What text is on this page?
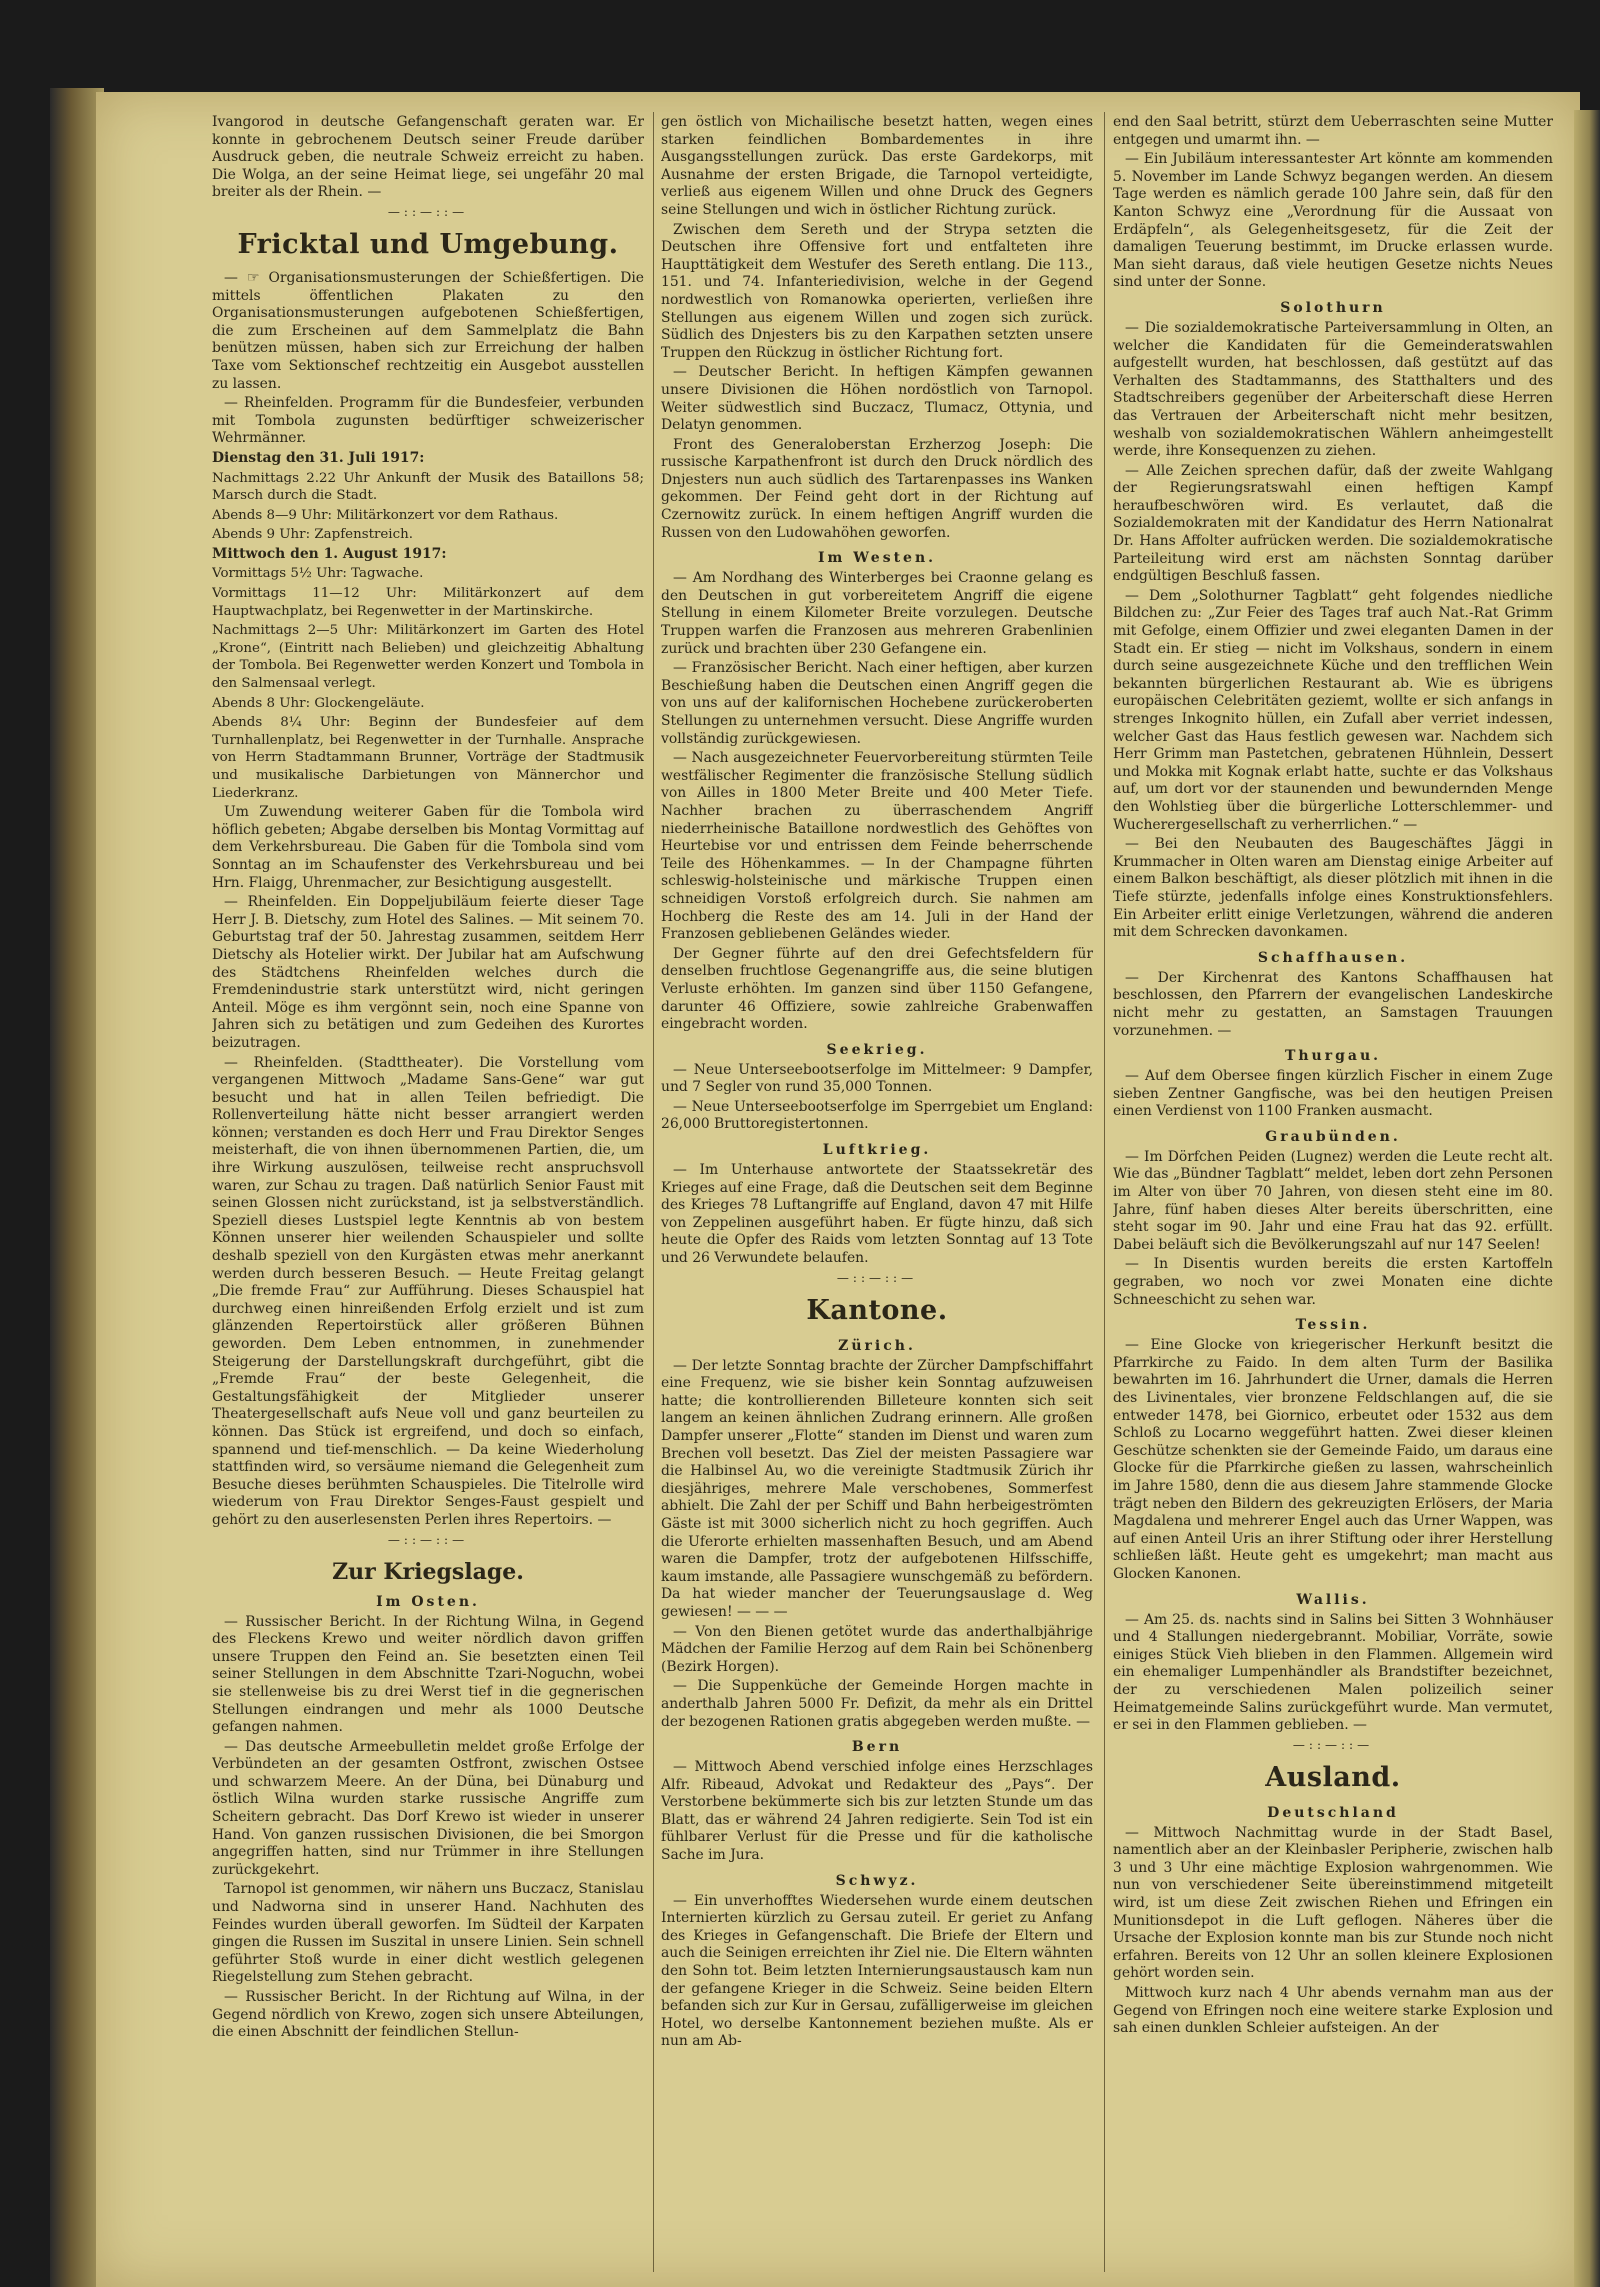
Ivangorod in deutsche Gefangenschaft geraten war. Er konnte in gebrochenem Deutsch seiner Freude darüber Ausdruck geben, die neutrale Schweiz erreicht zu haben. Die Wolga, an der seine Heimat liege, sei ungefähr 20 mal breiter als der Rhein. —

—::—::—
Fricktal und Umgebung.

— ☞ Organisationsmusterungen der Schießfertigen. Die mittels öffentlichen Plakaten zu den Organisationsmusterungen aufgebotenen Schießfertigen, die zum Erscheinen auf dem Sammelplatz die Bahn benützen müssen, haben sich zur Erreichung der halben Taxe vom Sektionschef rechtzeitig ein Ausgebot ausstellen zu lassen.

— Rheinfelden. Programm für die Bundesfeier, verbunden mit Tombola zugunsten bedürftiger schweizerischer Wehrmänner.

Dienstag den 31. Juli 1917:

Nachmittags 2.22 Uhr Ankunft der Musik des Bataillons 58; Marsch durch die Stadt.

Abends 8—9 Uhr: Militärkonzert vor dem Rathaus.

Abends 9 Uhr: Zapfenstreich.

Mittwoch den 1. August 1917:

Vormittags 5½ Uhr: Tagwache.

Vormittags 11—12 Uhr: Militärkonzert auf dem Hauptwachplatz, bei Regenwetter in der Martinskirche.

Nachmittags 2—5 Uhr: Militärkonzert im Garten des Hotel „Krone“, (Eintritt nach Belieben) und gleichzeitig Abhaltung der Tombola. Bei Regenwetter werden Konzert und Tombola in den Salmensaal verlegt.

Abends 8 Uhr: Glockengeläute.

Abends 8¼ Uhr: Beginn der Bundesfeier auf dem Turnhallenplatz, bei Regenwetter in der Turnhalle. Ansprache von Herrn Stadtammann Brunner, Vorträge der Stadtmusik und musikalische Darbietungen von Männerchor und Liederkranz.

Um Zuwendung weiterer Gaben für die Tombola wird höflich gebeten; Abgabe derselben bis Montag Vormittag auf dem Verkehrsbureau. Die Gaben für die Tombola sind vom Sonntag an im Schaufenster des Verkehrsbureau und bei Hrn. Flaigg, Uhrenmacher, zur Besichtigung ausgestellt.

— Rheinfelden. Ein Doppeljubiläum feierte dieser Tage Herr J. B. Dietschy, zum Hotel des Salines. — Mit seinem 70. Geburtstag traf der 50. Jahrestag zusammen, seitdem Herr Dietschy als Hotelier wirkt. Der Jubilar hat am Aufschwung des Städtchens Rheinfelden welches durch die Fremdenindustrie stark unterstützt wird, nicht geringen Anteil. Möge es ihm vergönnt sein, noch eine Spanne von Jahren sich zu betätigen und zum Gedeihen des Kurortes beizutragen.

— Rheinfelden. (Stadttheater). Die Vorstellung vom vergangenen Mittwoch „Madame Sans-Gene“ war gut besucht und hat in allen Teilen befriedigt. Die Rollenverteilung hätte nicht besser arrangiert werden können; verstanden es doch Herr und Frau Direktor Senges meisterhaft, die von ihnen übernommenen Partien, die, um ihre Wirkung auszulösen, teilweise recht anspruchsvoll waren, zur Schau zu tragen. Daß natürlich Senior Faust mit seinen Glossen nicht zurückstand, ist ja selbstverständlich. Speziell dieses Lustspiel legte Kenntnis ab von bestem Können unserer hier weilenden Schauspieler und sollte deshalb speziell von den Kurgästen etwas mehr anerkannt werden durch besseren Besuch. — Heute Freitag gelangt „Die fremde Frau“ zur Aufführung. Dieses Schauspiel hat durchweg einen hinreißenden Erfolg erzielt und ist zum glänzenden Repertoirstück aller größeren Bühnen geworden. Dem Leben entnommen, in zunehmender Steigerung der Darstellungskraft durchgeführt, gibt die „Fremde Frau“ der beste Gelegenheit, die Gestaltungsfähigkeit der Mitglieder unserer Theatergesellschaft aufs Neue voll und ganz beurteilen zu können. Das Stück ist ergreifend, und doch so einfach, spannend und tief-menschlich. — Da keine Wiederholung stattfinden wird, so versäume niemand die Gelegenheit zum Besuche dieses berühmten Schauspieles. Die Titelrolle wird wiederum von Frau Direktor Senges-Faust gespielt und gehört zu den auserlesensten Perlen ihres Repertoirs. —

—::—::—
Zur Kriegslage.
Im Osten.

— Russischer Bericht. In der Richtung Wilna, in Gegend des Fleckens Krewo und weiter nördlich davon griffen unsere Truppen den Feind an. Sie besetzten einen Teil seiner Stellungen in dem Abschnitte Tzari-Noguchn, wobei sie stellenweise bis zu drei Werst tief in die gegnerischen Stellungen eindrangen und mehr als 1000 Deutsche gefangen nahmen.

— Das deutsche Armeebulletin meldet große Erfolge der Verbündeten an der gesamten Ostfront, zwischen Ostsee und schwarzem Meere. An der Düna, bei Dünaburg und östlich Wilna wurden starke russische Angriffe zum Scheitern gebracht. Das Dorf Krewo ist wieder in unserer Hand. Von ganzen russischen Divisionen, die bei Smorgon angegriffen hatten, sind nur Trümmer in ihre Stellungen zurückgekehrt.

Tarnopol ist genommen, wir nähern uns Buczacz, Stanislau und Nadworna sind in unserer Hand. Nachhuten des Feindes wurden überall geworfen. Im Südteil der Karpaten gingen die Russen im Suszital in unsere Linien. Sein schnell geführter Stoß wurde in einer dicht westlich gelegenen Riegelstellung zum Stehen gebracht.

— Russischer Bericht. In der Richtung auf Wilna, in der Gegend nördlich von Krewo, zogen sich unsere Abteilungen, die einen Abschnitt der feindlichen Stellun-

gen östlich von Michailische besetzt hatten, wegen eines starken feindlichen Bombardementes in ihre Ausgangsstellungen zurück. Das erste Gardekorps, mit Ausnahme der ersten Brigade, die Tarnopol verteidigte, verließ aus eigenem Willen und ohne Druck des Gegners seine Stellungen und wich in östlicher Richtung zurück.

Zwischen dem Sereth und der Strypa setzten die Deutschen ihre Offensive fort und entfalteten ihre Haupttätigkeit dem Westufer des Sereth entlang. Die 113., 151. und 74. Infanteriedivision, welche in der Gegend nordwestlich von Romanowka operierten, verließen ihre Stellungen aus eigenem Willen und zogen sich zurück. Südlich des Dnjesters bis zu den Karpathen setzten unsere Truppen den Rückzug in östlicher Richtung fort.

— Deutscher Bericht. In heftigen Kämpfen gewannen unsere Divisionen die Höhen nordöstlich von Tarnopol. Weiter südwestlich sind Buczacz, Tlumacz, Ottynia, und Delatyn genommen.

Front des Generaloberstan Erzherzog Joseph: Die russische Karpathenfront ist durch den Druck nördlich des Dnjesters nun auch südlich des Tartarenpasses ins Wanken gekommen. Der Feind geht dort in der Richtung auf Czernowitz zurück. In einem heftigen Angriff wurden die Russen von den Ludowahöhen geworfen.

Im Westen.

— Am Nordhang des Winterberges bei Craonne gelang es den Deutschen in gut vorbereitetem Angriff die eigene Stellung in einem Kilometer Breite vorzulegen. Deutsche Truppen warfen die Franzosen aus mehreren Grabenlinien zurück und brachten über 230 Gefangene ein.

— Französischer Bericht. Nach einer heftigen, aber kurzen Beschießung haben die Deutschen einen Angriff gegen die von uns auf der kalifornischen Hochebene zurückeroberten Stellungen zu unternehmen versucht. Diese Angriffe wurden vollständig zurückgewiesen.

— Nach ausgezeichneter Feuervorbereitung stürmten Teile westfälischer Regimenter die französische Stellung südlich von Ailles in 1800 Meter Breite und 400 Meter Tiefe. Nachher brachen zu überraschendem Angriff niederrheinische Bataillone nordwestlich des Gehöftes von Heurtebise vor und entrissen dem Feinde beherrschende Teile des Höhenkammes. — In der Champagne führten schleswig-holsteinische und märkische Truppen einen schneidigen Vorstoß erfolgreich durch. Sie nahmen am Hochberg die Reste des am 14. Juli in der Hand der Franzosen gebliebenen Geländes wieder.

Der Gegner führte auf den drei Gefechtsfeldern für denselben fruchtlose Gegenangriffe aus, die seine blutigen Verluste erhöhten. Im ganzen sind über 1150 Gefangene, darunter 46 Offiziere, sowie zahlreiche Grabenwaffen eingebracht worden.

Seekrieg.

— Neue Unterseebootserfolge im Mittelmeer: 9 Dampfer, und 7 Segler von rund 35,000 Tonnen.

— Neue Unterseebootserfolge im Sperrgebiet um England: 26,000 Bruttoregistertonnen.

Luftkrieg.

— Im Unterhause antwortete der Staatssekretär des Krieges auf eine Frage, daß die Deutschen seit dem Beginne des Krieges 78 Luftangriffe auf England, davon 47 mit Hilfe von Zeppelinen ausgeführt haben. Er fügte hinzu, daß sich heute die Opfer des Raids vom letzten Sonntag auf 13 Tote und 26 Verwundete belaufen.

—::—::—
Kantone.
Zürich.

— Der letzte Sonntag brachte der Zürcher Dampfschiffahrt eine Frequenz, wie sie bisher kein Sonntag aufzuweisen hatte; die kontrollierenden Billeteure konnten sich seit langem an keinen ähnlichen Zudrang erinnern. Alle großen Dampfer unserer „Flotte“ standen im Dienst und waren zum Brechen voll besetzt. Das Ziel der meisten Passagiere war die Halbinsel Au, wo die vereinigte Stadtmusik Zürich ihr diesjähriges, mehrere Male verschobenes, Sommerfest abhielt. Die Zahl der per Schiff und Bahn herbeigeströmten Gäste ist mit 3000 sicherlich nicht zu hoch gegriffen. Auch die Uferorte erhielten massenhaften Besuch, und am Abend waren die Dampfer, trotz der aufgebotenen Hilfsschiffe, kaum imstande, alle Passagiere wunschgemäß zu befördern. Da hat wieder mancher der Teuerungsauslage d. Weg gewiesen! — — —

— Von den Bienen getötet wurde das anderthalbjährige Mädchen der Familie Herzog auf dem Rain bei Schönenberg (Bezirk Horgen).

— Die Suppenküche der Gemeinde Horgen machte in anderthalb Jahren 5000 Fr. Defizit, da mehr als ein Drittel der bezogenen Rationen gratis abgegeben werden mußte. —

Bern

— Mittwoch Abend verschied infolge eines Herzschlages Alfr. Ribeaud, Advokat und Redakteur des „Pays“. Der Verstorbene bekümmerte sich bis zur letzten Stunde um das Blatt, das er während 24 Jahren redigierte. Sein Tod ist ein fühlbarer Verlust für die Presse und für die katholische Sache im Jura.

Schwyz.

— Ein unverhofftes Wiedersehen wurde einem deutschen Internierten kürzlich zu Gersau zuteil. Er geriet zu Anfang des Krieges in Gefangenschaft. Die Briefe der Eltern und auch die Seinigen erreichten ihr Ziel nie. Die Eltern wähnten den Sohn tot. Beim letzten Internierungsaustausch kam nun der gefangene Krieger in die Schweiz. Seine beiden Eltern befanden sich zur Kur in Gersau, zufälligerweise im gleichen Hotel, wo derselbe Kantonnement beziehen mußte. Als er nun am Ab-

end den Saal betritt, stürzt dem Ueberraschten seine Mutter entgegen und umarmt ihn. —

— Ein Jubiläum interessantester Art könnte am kommenden 5. November im Lande Schwyz begangen werden. An diesem Tage werden es nämlich gerade 100 Jahre sein, daß für den Kanton Schwyz eine „Verordnung für die Aussaat von Erdäpfeln“, als Gelegenheitsgesetz, für die Zeit der damaligen Teuerung bestimmt, im Drucke erlassen wurde. Man sieht daraus, daß viele heutigen Gesetze nichts Neues sind unter der Sonne.

Solothurn

— Die sozialdemokratische Parteiversammlung in Olten, an welcher die Kandidaten für die Gemeinderatswahlen aufgestellt wurden, hat beschlossen, daß gestützt auf das Verhalten des Stadtammanns, des Statthalters und des Stadtschreibers gegenüber der Arbeiterschaft diese Herren das Vertrauen der Arbeiterschaft nicht mehr besitzen, weshalb von sozialdemokratischen Wählern anheimgestellt werde, ihre Konsequenzen zu ziehen.

— Alle Zeichen sprechen dafür, daß der zweite Wahlgang der Regierungsratswahl einen heftigen Kampf heraufbeschwören wird. Es verlautet, daß die Sozialdemokraten mit der Kandidatur des Herrn Nationalrat Dr. Hans Affolter aufrücken werden. Die sozialdemokratische Parteileitung wird erst am nächsten Sonntag darüber endgültigen Beschluß fassen.

— Dem „Solothurner Tagblatt“ geht folgendes niedliche Bildchen zu: „Zur Feier des Tages traf auch Nat.-Rat Grimm mit Gefolge, einem Offizier und zwei eleganten Damen in der Stadt ein. Er stieg — nicht im Volkshaus, sondern in einem durch seine ausgezeichnete Küche und den trefflichen Wein bekannten bürgerlichen Restaurant ab. Wie es übrigens europäischen Celebritäten geziemt, wollte er sich anfangs in strenges Inkognito hüllen, ein Zufall aber verriet indessen, welcher Gast das Haus festlich gewesen war. Nachdem sich Herr Grimm man Pastetchen, gebratenen Hühnlein, Dessert und Mokka mit Kognak erlabt hatte, suchte er das Volkshaus auf, um dort vor der staunenden und bewundernden Menge den Wohlstieg über die bürgerliche Lotterschlemmer- und Wucherergesellschaft zu verherrlichen.“ —

— Bei den Neubauten des Baugeschäftes Jäggi in Krummacher in Olten waren am Dienstag einige Arbeiter auf einem Balkon beschäftigt, als dieser plötzlich mit ihnen in die Tiefe stürzte, jedenfalls infolge eines Konstruktionsfehlers. Ein Arbeiter erlitt einige Verletzungen, während die anderen mit dem Schrecken davonkamen.

Schaffhausen.

— Der Kirchenrat des Kantons Schaffhausen hat beschlossen, den Pfarrern der evangelischen Landeskirche nicht mehr zu gestatten, an Samstagen Trauungen vorzunehmen. —

Thurgau.

— Auf dem Obersee fingen kürzlich Fischer in einem Zuge sieben Zentner Gangfische, was bei den heutigen Preisen einen Verdienst von 1100 Franken ausmacht.

Graubünden.

— Im Dörfchen Peiden (Lugnez) werden die Leute recht alt. Wie das „Bündner Tagblatt“ meldet, leben dort zehn Personen im Alter von über 70 Jahren, von diesen steht eine im 80. Jahre, fünf haben dieses Alter bereits überschritten, eine steht sogar im 90. Jahr und eine Frau hat das 92. erfüllt. Dabei beläuft sich die Bevölkerungszahl auf nur 147 Seelen!

— In Disentis wurden bereits die ersten Kartoffeln gegraben, wo noch vor zwei Monaten eine dichte Schneeschicht zu sehen war.

Tessin.

— Eine Glocke von kriegerischer Herkunft besitzt die Pfarrkirche zu Faido. In dem alten Turm der Basilika bewahrten im 16. Jahrhundert die Urner, damals die Herren des Livinentales, vier bronzene Feldschlangen auf, die sie entweder 1478, bei Giornico, erbeutet oder 1532 aus dem Schloß zu Locarno weggeführt hatten. Zwei dieser kleinen Geschütze schenkten sie der Gemeinde Faido, um daraus eine Glocke für die Pfarrkirche gießen zu lassen, wahrscheinlich im Jahre 1580, denn die aus diesem Jahre stammende Glocke trägt neben den Bildern des gekreuzigten Erlösers, der Maria Magdalena und mehrerer Engel auch das Urner Wappen, was auf einen Anteil Uris an ihrer Stiftung oder ihrer Herstellung schließen läßt. Heute geht es umgekehrt; man macht aus Glocken Kanonen.

Wallis.

— Am 25. ds. nachts sind in Salins bei Sitten 3 Wohnhäuser und 4 Stallungen niedergebrannt. Mobiliar, Vorräte, sowie einiges Stück Vieh blieben in den Flammen. Allgemein wird ein ehemaliger Lumpenhändler als Brandstifter bezeichnet, der zu verschiedenen Malen polizeilich seiner Heimatgemeinde Salins zurückgeführt wurde. Man vermutet, er sei in den Flammen geblieben. —

—::—::—
Ausland.
Deutschland

— Mittwoch Nachmittag wurde in der Stadt Basel, namentlich aber an der Kleinbasler Peripherie, zwischen halb 3 und 3 Uhr eine mächtige Explosion wahrgenommen. Wie nun von verschiedener Seite übereinstimmend mitgeteilt wird, ist um diese Zeit zwischen Riehen und Efringen ein Munitionsdepot in die Luft geflogen. Näheres über die Ursache der Explosion konnte man bis zur Stunde noch nicht erfahren. Bereits von 12 Uhr an sollen kleinere Explosionen gehört worden sein.

Mittwoch kurz nach 4 Uhr abends vernahm man aus der Gegend von Efringen noch eine weitere starke Explosion und sah einen dunklen Schleier aufsteigen. An der
